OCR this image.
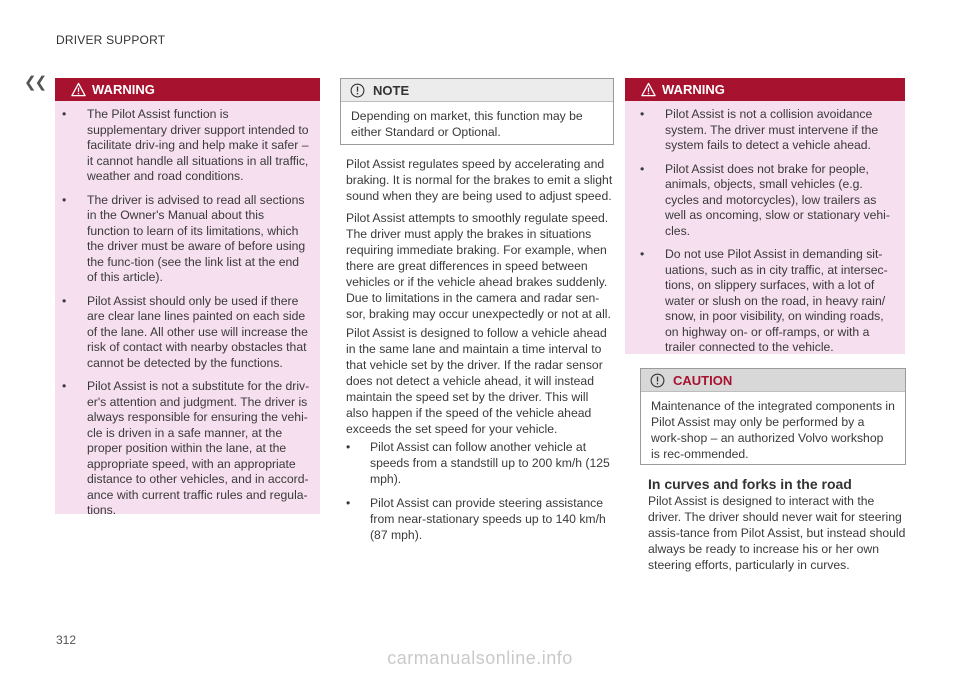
DRIVER SUPPORT
❮❮	WARNING
•	The Pilot Assist function is supplementary driver support intended to facilitate driv-ing and help make it safer – it cannot handle all situations in all traffic, weather and road conditions.
•	The driver is advised to read all sections in the Owner's Manual about this function to learn of its limitations, which the driver must be aware of before using the func-tion (see the link list at the end of this article).
•	Pilot Assist should only be used if there are clear lane lines painted on each side of the lane. All other use will increase the risk of contact with nearby obstacles that cannot be detected by the functions.
•	Pilot Assist is not a substitute for the driv-er's attention and judgment. The driver is always responsible for ensuring the vehi-cle is driven in a safe manner, at the proper position within the lane, at the appropriate speed, with an appropriate distance to other vehicles, and in accord-ance with current traffic rules and regula-tions.
NOTE
Depending on market, this function may be either Standard or Optional.

Pilot Assist regulates speed by accelerating and braking. It is normal for the brakes to emit a slight sound when they are being used to adjust speed.

Pilot Assist attempts to smoothly regulate speed. The driver must apply the brakes in situations requiring immediate braking. For example, when there are great differences in speed between vehicles or if the vehicle ahead brakes suddenly. Due to limitations in the camera and radar sen-sor, braking may occur unexpectedly or not at all.

Pilot Assist is designed to follow a vehicle ahead in the same lane and maintain a time interval to that vehicle set by the driver. If the radar sensor does not detect a vehicle ahead, it will instead maintain the speed set by the driver. This will also happen if the speed of the vehicle ahead exceeds the set speed for your vehicle.

•	Pilot Assist can follow another vehicle at speeds from a standstill up to 200 km/h (125 mph).
•	Pilot Assist can provide steering assistance from near-stationary speeds up to 140 km/h (87 mph).
WARNING
•	Pilot Assist is not a collision avoidance system. The driver must intervene if the system fails to detect a vehicle ahead.
•	Pilot Assist does not brake for people, animals, objects, small vehicles (e.g. cycles and motorcycles), low trailers as well as oncoming, slow or stationary vehi-cles.
•	Do not use Pilot Assist in demanding sit-uations, such as in city traffic, at intersec-tions, on slippery surfaces, with a lot of water or slush on the road, in heavy rain/ snow, in poor visibility, on winding roads, on highway on- or off-ramps, or with a trailer connected to the vehicle.
CAUTION
Maintenance of the integrated components in Pilot Assist may only be performed by a work-shop – an authorized Volvo workshop is rec-ommended.
In curves and forks in the road

Pilot Assist is designed to interact with the driver. The driver should never wait for steering assis-tance from Pilot Assist, but instead should always be ready to increase his or her own steering efforts, particularly in curves.

312
carmanualsonline.info
